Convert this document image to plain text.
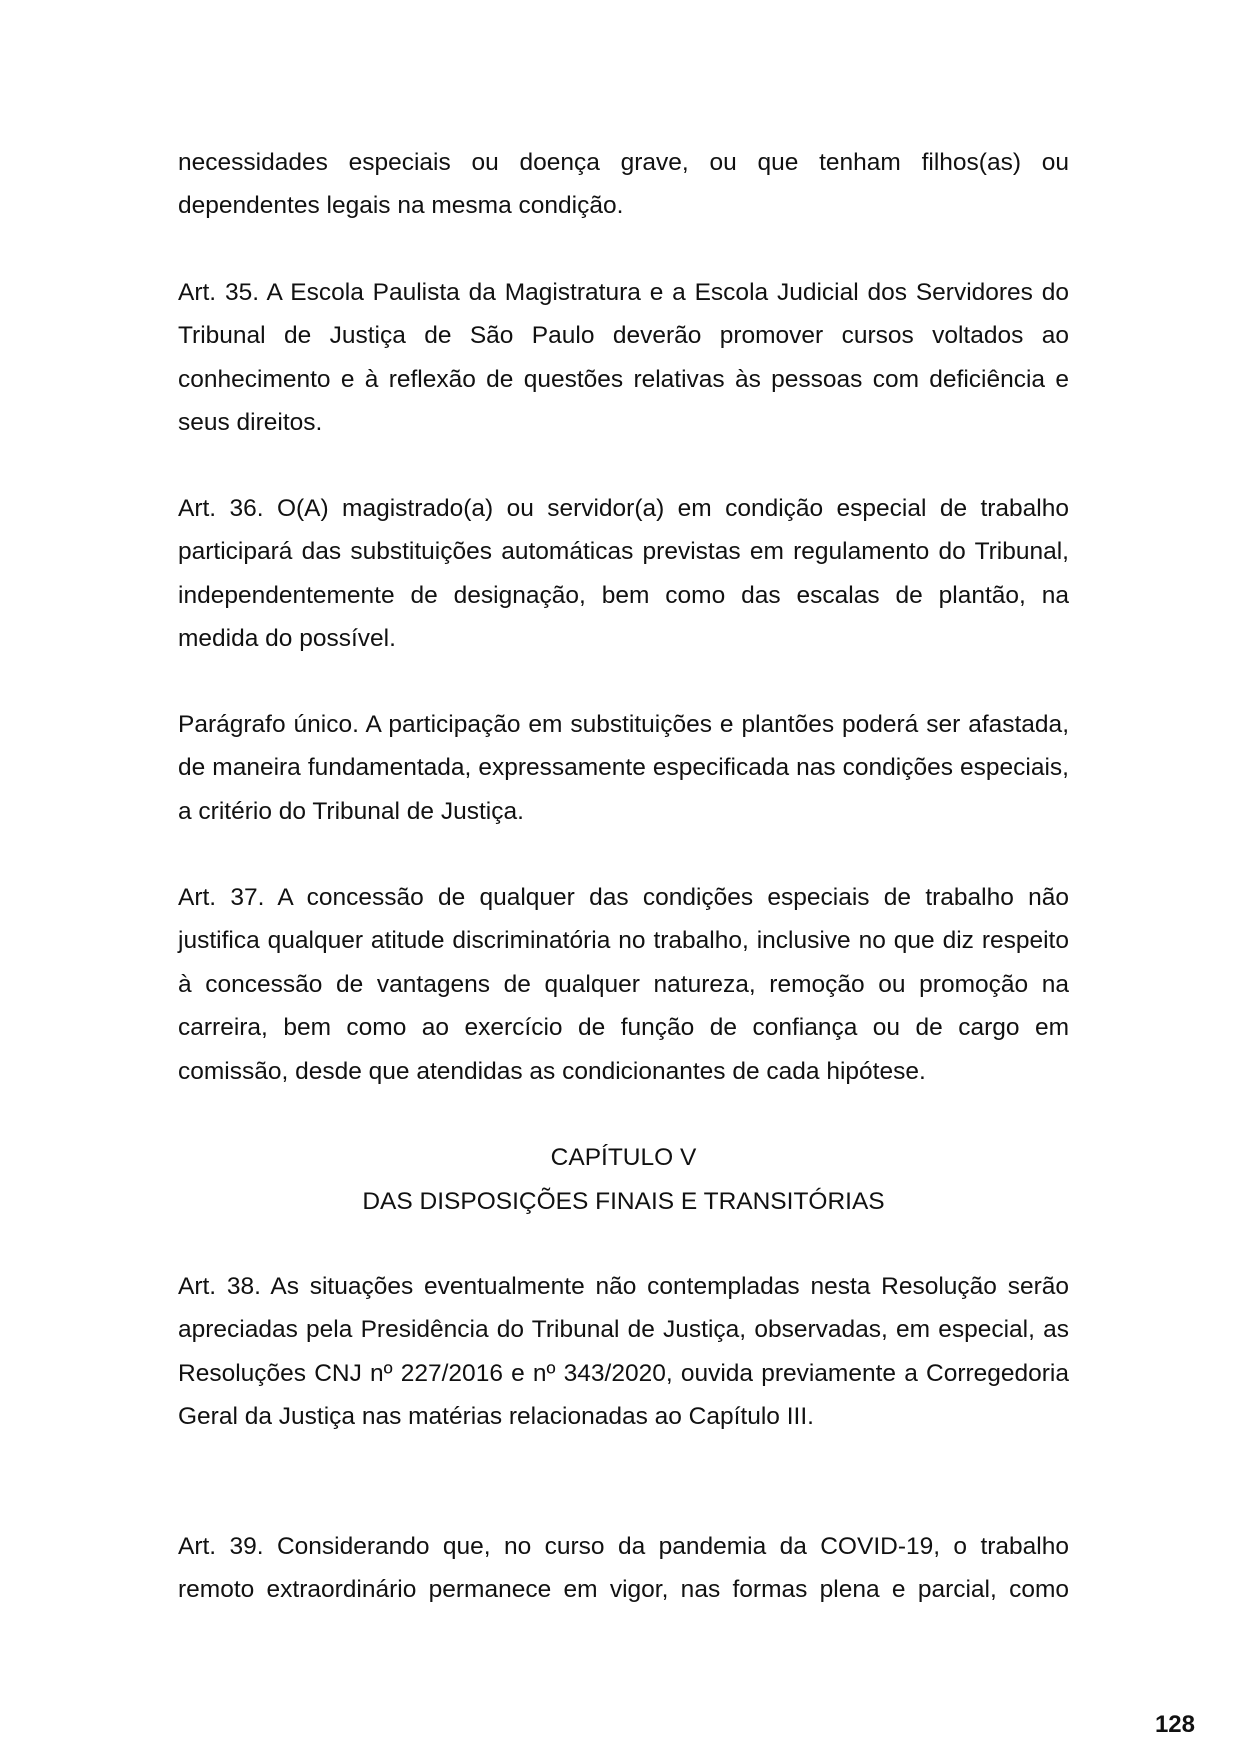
necessidades especiais ou doença grave, ou que tenham filhos(as) ou dependentes legais na mesma condição.

Art. 35. A Escola Paulista da Magistratura e a Escola Judicial dos Servidores do Tribunal de Justiça de São Paulo deverão promover cursos voltados ao conhecimento e à reflexão de questões relativas às pessoas com deficiência e seus direitos.

Art. 36. O(A) magistrado(a) ou servidor(a) em condição especial de trabalho participará das substituições automáticas previstas em regulamento do Tribunal, independentemente de designação, bem como das escalas de plantão, na medida do possível.

Parágrafo único. A participação em substituições e plantões poderá ser afastada, de maneira fundamentada, expressamente especificada nas condições especiais, a critério do Tribunal de Justiça.

Art. 37. A concessão de qualquer das condições especiais de trabalho não justifica qualquer atitude discriminatória no trabalho, inclusive no que diz respeito à concessão de vantagens de qualquer natureza, remoção ou promoção na carreira, bem como ao exercício de função de confiança ou de cargo em comissão, desde que atendidas as condicionantes de cada hipótese.

CAPÍTULO V
DAS DISPOSIÇÕES FINAIS E TRANSITÓRIAS

Art. 38. As situações eventualmente não contempladas nesta Resolução serão apreciadas pela Presidência do Tribunal de Justiça, observadas, em especial, as Resoluções CNJ nº 227/2016 e nº 343/2020, ouvida previamente a Corregedoria Geral da Justiça nas matérias relacionadas ao Capítulo III.

Art. 39. Considerando que, no curso da pandemia da COVID-19, o trabalho remoto extraordinário permanece em vigor, nas formas plena e parcial, como

128
